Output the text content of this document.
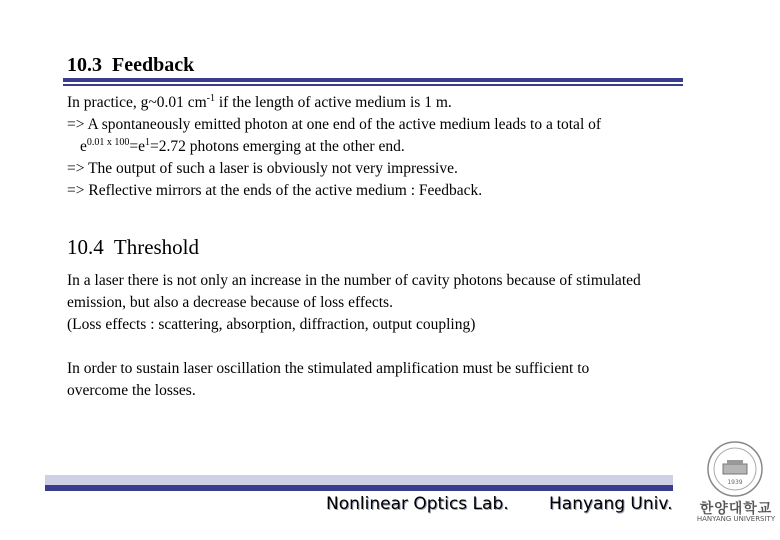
10.3  Feedback
In practice, g~0.01 $cm^{-1}$ if the length of active medium is 1 m.
=> A spontaneously emitted photon at one end of the active medium leads to a total of
$e^{0.01 x 100}=e^1=2.72$ photons emerging at the other end.
=> The output of such a laser is obviously not very impressive.
=> Reflective mirrors at the ends of the active medium : Feedback.
10.4  Threshold
In a laser there is not only an increase in the number of cavity photons because of stimulated
emission, but also a decrease because of loss effects.
(Loss effects : scattering, absorption, diffraction, output coupling)
In order to sustain laser oscillation the stimulated amplification must be sufficient to
overcome the losses.
Nonlinear Optics Lab. Hanyang Univ.
1939
한양대학교
HANYANG UNIVERSITY
